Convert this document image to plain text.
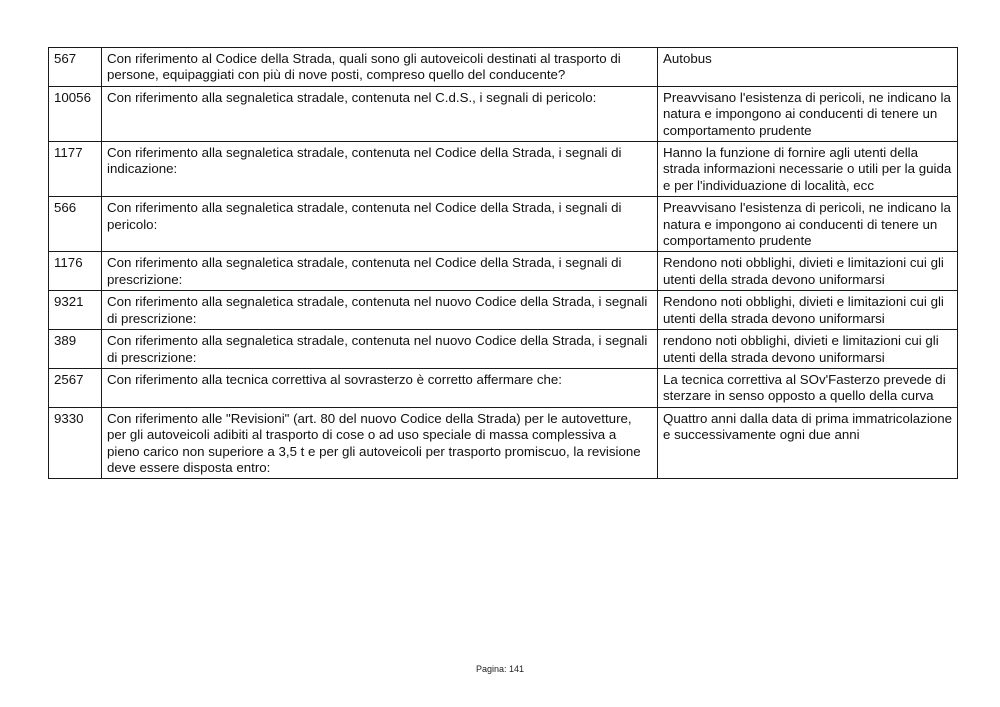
567	Con riferimento al Codice della Strada, quali sono gli autoveicoli destinati al trasporto di persone, equipaggiati con più di nove posti, compreso quello del conducente?	Autobus
10056	Con riferimento alla segnaletica stradale, contenuta nel C.d.S., i segnali di pericolo:	Preavvisano l'esistenza di pericoli, ne indicano la natura e impongono ai conducenti di tenere un comportamento prudente
1177	Con riferimento alla segnaletica stradale, contenuta nel Codice della Strada, i segnali di indicazione:	Hanno la funzione di fornire agli utenti della strada informazioni necessarie o utili per la guida e per l'individuazione di località, ecc
566	Con riferimento alla segnaletica stradale, contenuta nel Codice della Strada, i segnali di pericolo:	Preavvisano l'esistenza di pericoli, ne indicano la natura e impongono ai conducenti di tenere un comportamento prudente
1176	Con riferimento alla segnaletica stradale, contenuta nel Codice della Strada, i segnali di prescrizione:	Rendono noti obblighi, divieti e limitazioni cui gli utenti della strada devono uniformarsi
9321	Con riferimento alla segnaletica stradale, contenuta nel nuovo Codice della Strada, i segnali di prescrizione:	Rendono noti obblighi, divieti e limitazioni cui gli utenti della strada devono uniformarsi
389	Con riferimento alla segnaletica stradale, contenuta nel nuovo Codice della Strada, i segnali di prescrizione:	rendono noti obblighi, divieti e limitazioni cui gli utenti della strada devono uniformarsi
2567	Con riferimento alla tecnica correttiva al sovrasterzo è corretto affermare che:	La tecnica correttiva al SOv'Fasterzo prevede di sterzare in senso opposto a quello della curva
9330	Con riferimento alle "Revisioni" (art. 80 del nuovo Codice della Strada) per le autovetture, per gli autoveicoli adibiti al trasporto di cose o ad uso speciale di massa complessiva a pieno carico non superiore a 3,5 t e per gli autoveicoli per trasporto promiscuo, la revisione deve essere disposta entro:	Quattro anni dalla data di prima immatricolazione e successivamente ogni due anni
Pagina: 141
